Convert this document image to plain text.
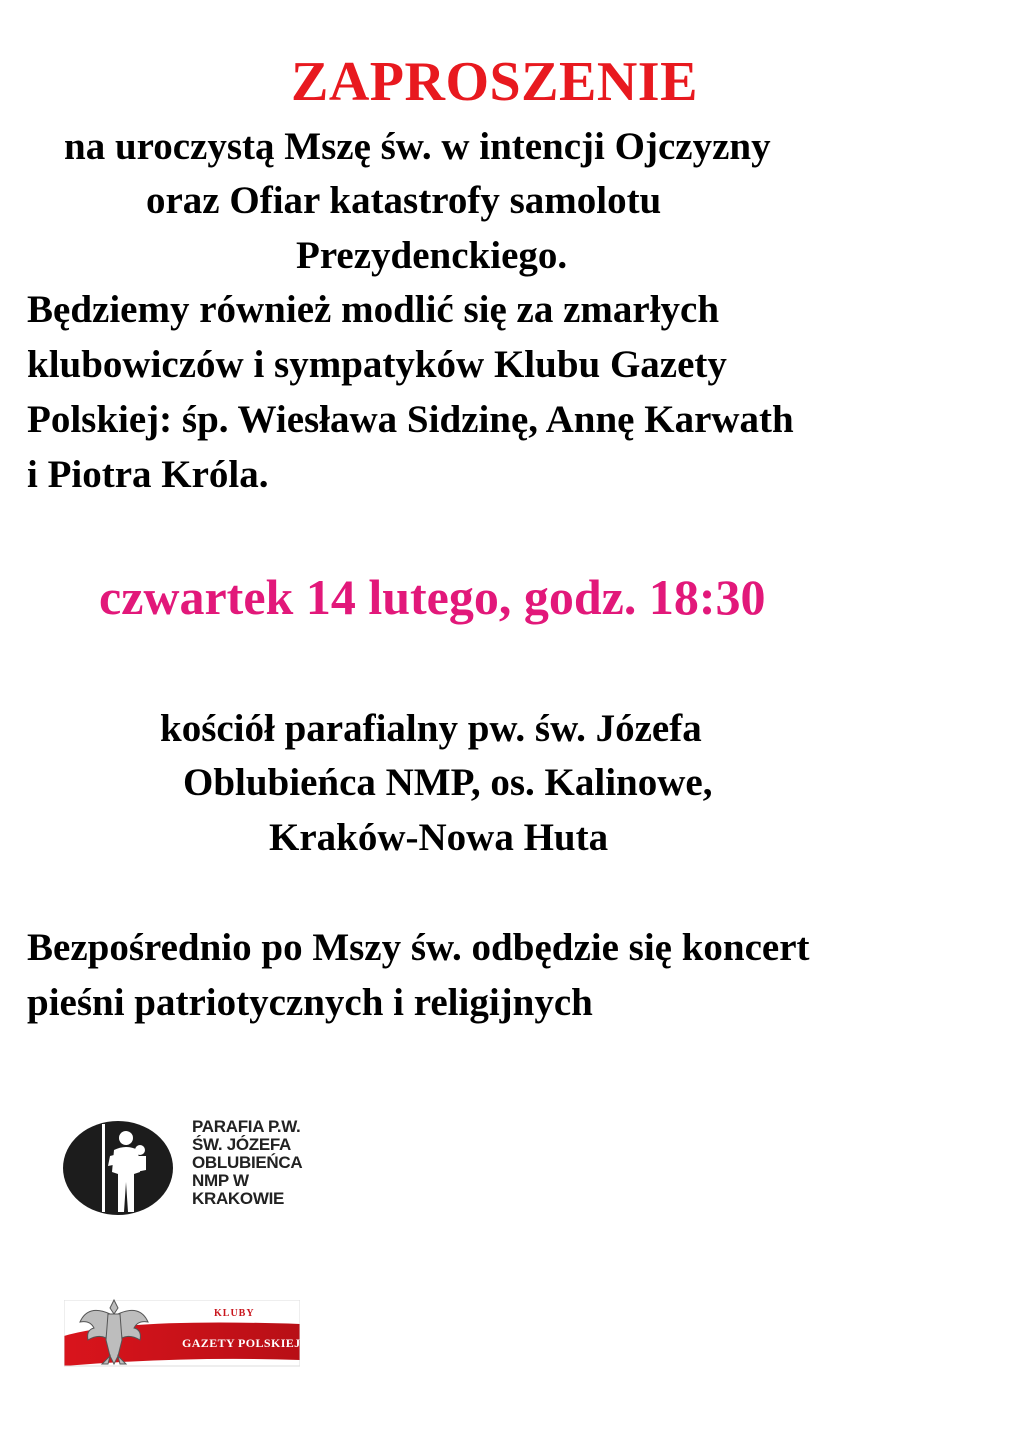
ZAPROSZENIE
na uroczystą Mszę św. w intencji Ojczyzny
oraz Ofiar katastrofy samolotu
Prezydenckiego.
Będziemy również modlić się za zmarłych
klubowiczów i sympatyków Klubu Gazety
Polskiej: śp. Wiesława Sidzinę, Annę Karwath
i Piotra Króla.
czwartek 14 lutego, godz. 18:30
kościół parafialny pw. św. Józefa
Oblubieńca NMP, os. Kalinowe,
Kraków-Nowa Huta
Bezpośrednio po Mszy św. odbędzie się koncert
pieśni patriotycznych i religijnych
PARAFIA P.W.
ŚW. JÓZEFA
OBLUBIEŃCA
NMP W
KRAKOWIE
KLUBY
GAZETY POLSKIEJ
